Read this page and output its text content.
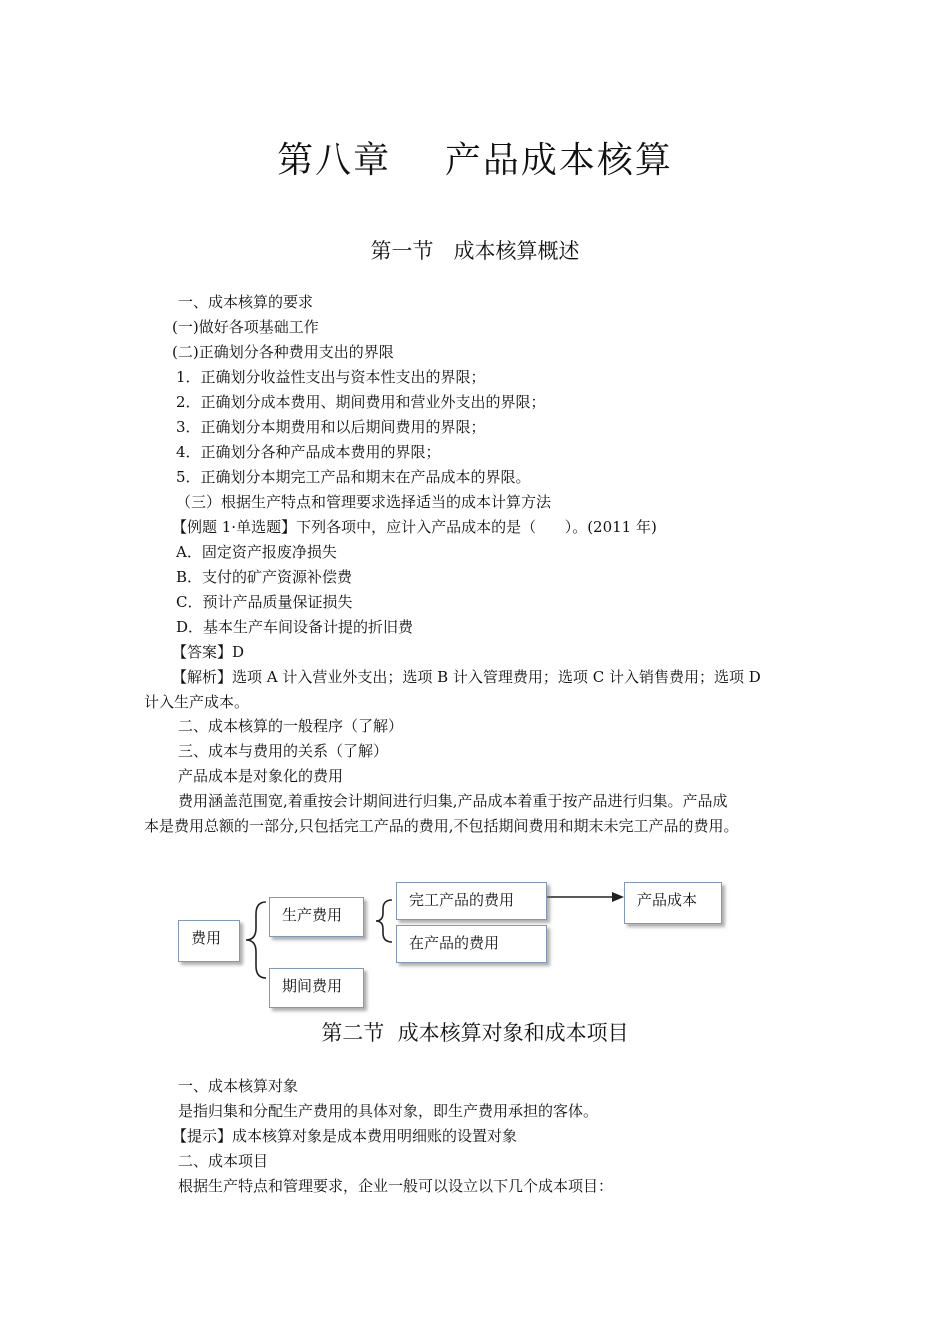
第八章    产品成本核算
第一节   成本核算概述
一、成本核算的要求
(一)做好各项基础工作
(二)正确划分各种费用支出的界限
1．正确划分收益性支出与资本性支出的界限；
2．正确划分成本费用、期间费用和营业外支出的界限；
3．正确划分本期费用和以后期间费用的界限；
4．正确划分各种产品成本费用的界限；
5．正确划分本期完工产品和期末在产品成本的界限。
（三）根据生产特点和管理要求选择适当的成本计算方法
【例题 1·单选题】下列各项中，应计入产品成本的是（      ）。(2011 年)
A．固定资产报废净损失
B．支付的矿产资源补偿费
C．预计产品质量保证损失
D．基本生产车间设备计提的折旧费
【答案】D
【解析】选项 A 计入营业外支出；选项 B 计入管理费用；选项 C 计入销售费用；选项 D
计入生产成本。
二、成本核算的一般程序（了解）
三、成本与费用的关系（了解）
产品成本是对象化的费用
费用涵盖范围宽,着重按会计期间进行归集,产品成本着重于按产品进行归集。产品成
本是费用总额的一部分,只包括完工产品的费用,不包括期间费用和期末未完工产品的费用。
费用
生产费用
期间费用
完工产品的费用
在产品的费用
产品成本
第二节  成本核算对象和成本项目
一、成本核算对象
是指归集和分配生产费用的具体对象，即生产费用承担的客体。
【提示】成本核算对象是成本费用明细账的设置对象
二、成本项目
根据生产特点和管理要求，企业一般可以设立以下几个成本项目：
